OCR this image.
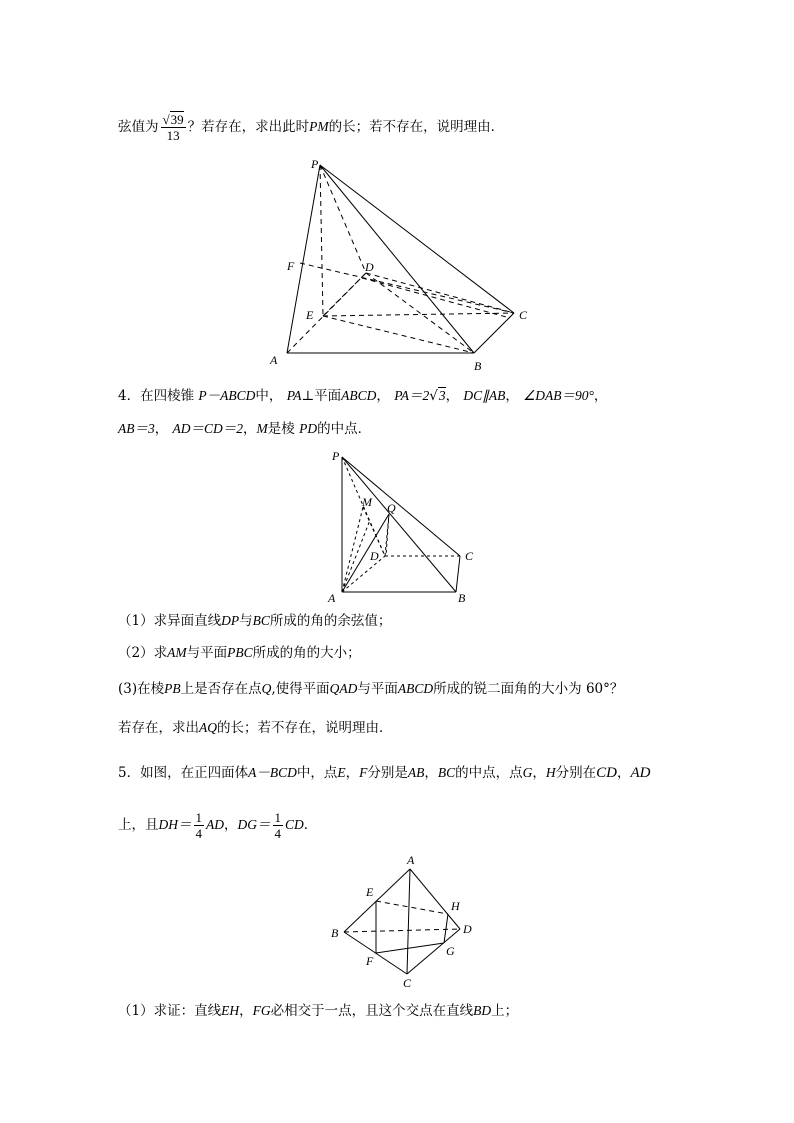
弦值为 $\frac{√39}{13}$ ？若存在，求出此时PM的长；若不存在，说明理由．
P
F	D
E	C
A	B
4．在四棱锥 P－ABCD中， PA⊥平面ABCD， PA＝2√3， DC∥AB， ∠DAB＝90°，
AB＝3， AD＝CD＝2，M是棱 PD的中点．
P
M Q
D	C
A	B
（1）求异面直线DP与BC所成的角的余弦值；
（2）求AM与平面PBC所成的角的大小；
(3)在棱PB上是否存在点Q,使得平面QAD与平面ABCD所成的锐二面角的大小为 60°？
若存在，求出AQ的长；若不存在，说明理由．
5．如图，在正四面体A－BCD中，点E，F分别是AB，BC的中点，点G，H分别在CD，AD
上，且$DH= \frac{1}{4}$ AD，$DG= \frac{1}{4}$ CD．
A
E
H
B	D
G
F
C
（1）求证：直线EH，FG必相交于一点，且这个交点在直线BD上；
